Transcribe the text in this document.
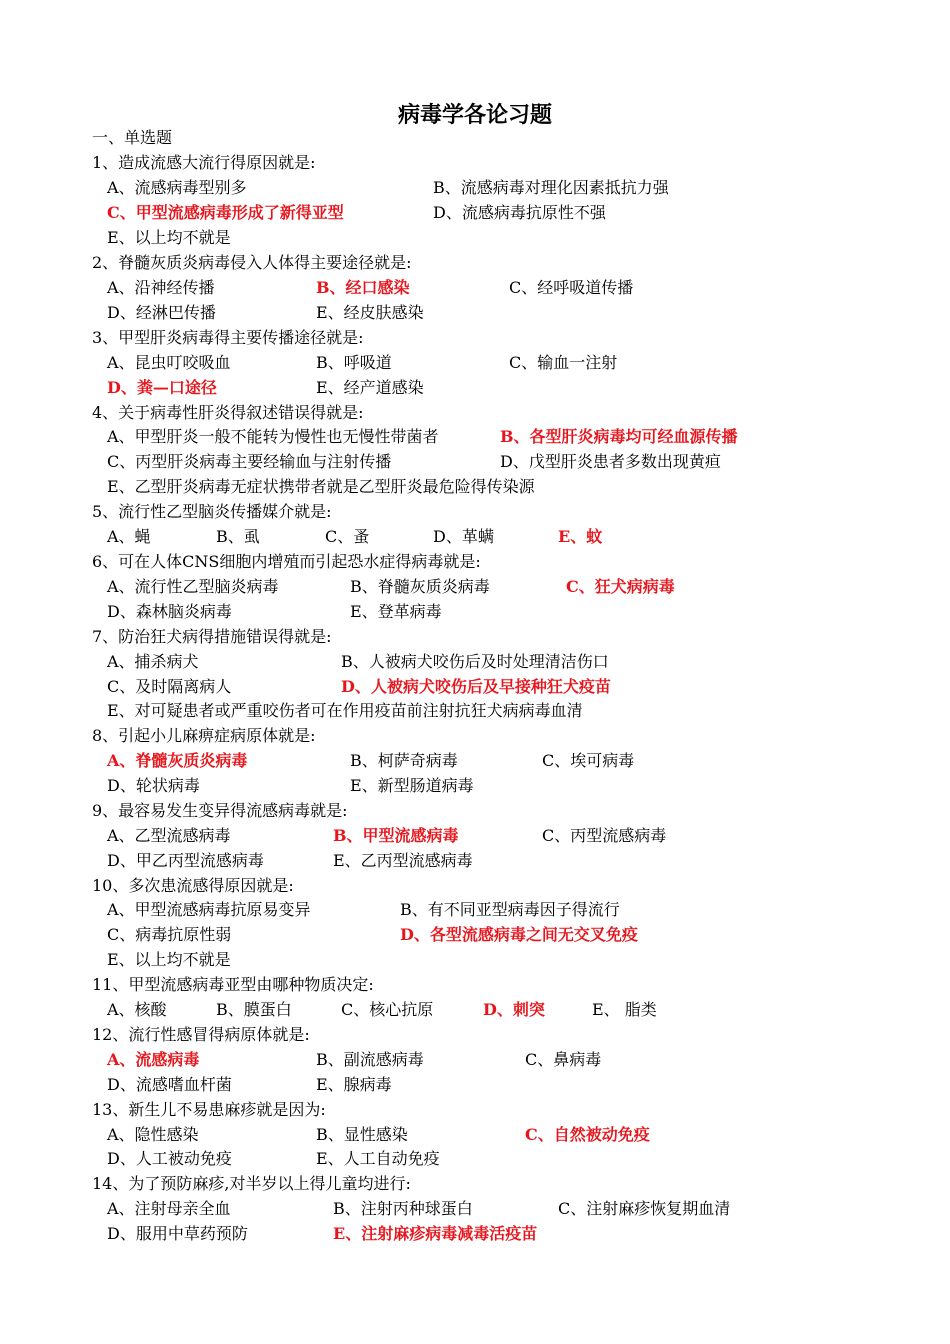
病毒学各论习题
一、单选题
1、造成流感大流行得原因就是:
A、流感病毒型别多	B、流感病毒对理化因素抵抗力强
C、甲型流感病毒形成了新得亚型	D、流感病毒抗原性不强
E、以上均不就是
2、脊髓灰质炎病毒侵入人体得主要途径就是:
A、沿神经传播	B、经口感染	C、经呼吸道传播
D、经淋巴传播	E、经皮肤感染
3、甲型肝炎病毒得主要传播途径就是:
A、昆虫叮咬吸血	B、呼吸道	C、输血一注射
D、粪—口途径	E、经产道感染
4、关于病毒性肝炎得叙述错误得就是:
A、甲型肝炎一般不能转为慢性也无慢性带菌者	B、各型肝炎病毒均可经血源传播
C、丙型肝炎病毒主要经输血与注射传播	D、戊型肝炎患者多数出现黄疸
E、乙型肝炎病毒无症状携带者就是乙型肝炎最危险得传染源
5、流行性乙型脑炎传播媒介就是:
A、蝇	B、虱	C、蚤	D、革螨	E、蚊
6、可在人体CNS细胞内增殖而引起恐水症得病毒就是:
A、流行性乙型脑炎病毒	B、脊髓灰质炎病毒	C、狂犬病病毒
D、森林脑炎病毒	E、登革病毒
7、防治狂犬病得措施错误得就是:
A、捕杀病犬	B、人被病犬咬伤后及时处理清洁伤口
C、及时隔离病人	D、人被病犬咬伤后及早接种狂犬疫苗
E、对可疑患者或严重咬伤者可在作用疫苗前注射抗狂犬病病毒血清
8、引起小儿麻痹症病原体就是:
A、脊髓灰质炎病毒	B、柯萨奇病毒	C、埃可病毒
D、轮状病毒	E、新型肠道病毒
9、最容易发生变异得流感病毒就是:
A、乙型流感病毒	B、甲型流感病毒	C、丙型流感病毒
D、甲乙丙型流感病毒	E、乙丙型流感病毒
10、多次患流感得原因就是:
A、甲型流感病毒抗原易变异	B、有不同亚型病毒因子得流行
C、病毒抗原性弱	D、各型流感病毒之间无交叉免疫
E、以上均不就是
11、甲型流感病毒亚型由哪种物质决定:
A、核酸	B、膜蛋白	C、核心抗原	D、刺突	E、 脂类
12、流行性感冒得病原体就是:
A、流感病毒	B、副流感病毒	C、鼻病毒
D、流感嗜血杆菌	E、腺病毒
13、新生儿不易患麻疹就是因为:
A、隐性感染	B、显性感染	C、自然被动免疫
D、人工被动免疫	E、人工自动免疫
14、为了预防麻疹,对半岁以上得儿童均进行:
A、注射母亲全血	B、注射丙种球蛋白	C、注射麻疹恢复期血清
D、服用中草药预防	E、注射麻疹病毒减毒活疫苗
